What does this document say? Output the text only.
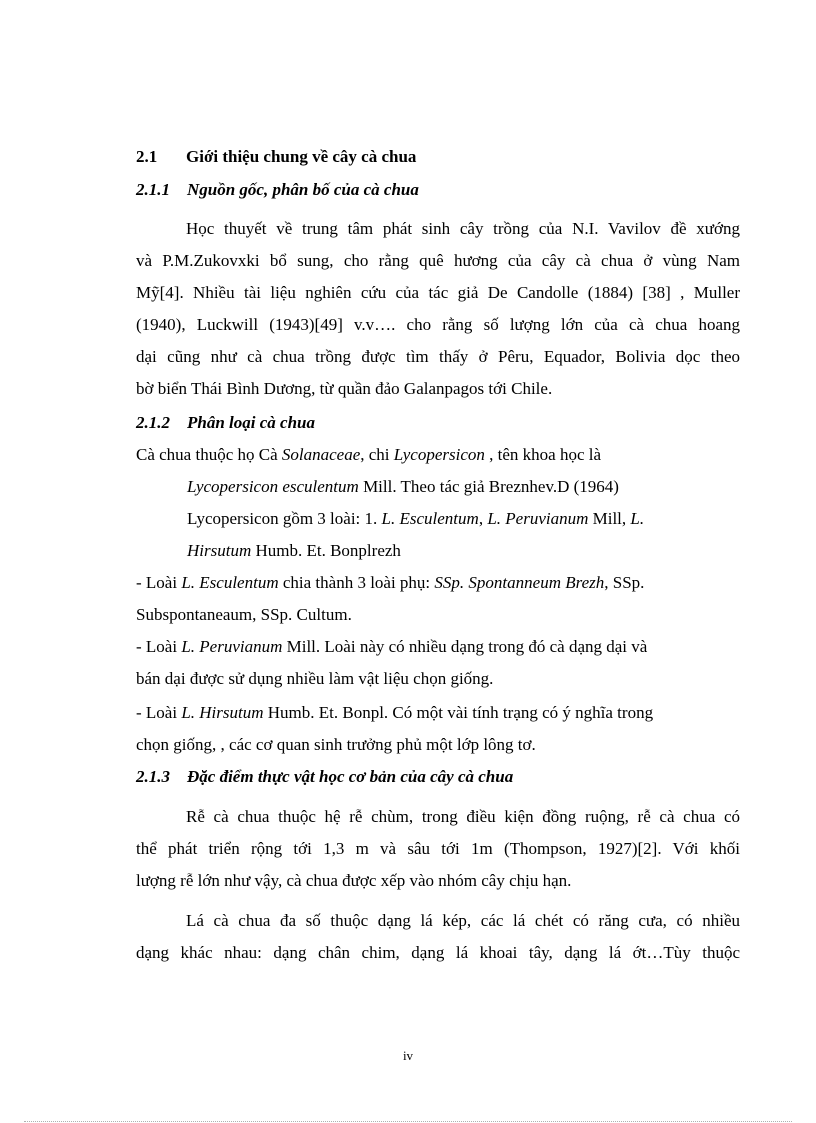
2.1 Giới thiệu chung về cây cà chua
2.1.1 Nguồn gốc, phân bố của cà chua
Học thuyết về trung tâm phát sinh cây trồng của N.I. Vavilov đề xướng
và P.M.Zukovxki bổ sung, cho rằng quê hương của cây cà chua ở vùng Nam
Mỹ[4]. Nhiều tài liệu nghiên cứu của tác giả De Candolle (1884) [38] , Muller
(1940), Luckwill (1943)[49] v.v…. cho rằng số lượng lớn của cà chua hoang
dại cũng như cà chua trồng được tìm thấy ở Pêru, Equador, Bolivia dọc theo
bờ biển Thái Bình Dương, từ quần đảo Galanpagos tới Chile.
2.1.2 Phân loại cà chua
Cà chua thuộc họ Cà Solanaceae, chi Lycopersicon , tên khoa học là
Lycopersicon esculentum Mill. Theo tác giả Breznhev.D (1964)
Lycopersicon gồm 3 loài: 1. L. Esculentum, L. Peruvianum Mill, L.
Hirsutum Humb. Et. Bonplrezh
- Loài L. Esculentum chia thành 3 loài phụ: SSp. Spontanneum Brezh, SSp.
Subspontaneaum, SSp. Cultum.
- Loài L. Peruvianum Mill. Loài này có nhiều dạng trong đó cà dạng dại và
bán dại được sử dụng nhiều làm vật liệu chọn giống.
- Loài L. Hirsutum Humb. Et. Bonpl. Có một vài tính trạng có ý nghĩa trong
chọn giống, , các cơ quan sinh trưởng phủ một lớp lông tơ.
2.1.3 Đặc điểm thực vật học cơ bản của cây cà chua
Rễ cà chua thuộc hệ rễ chùm, trong điều kiện đồng ruộng, rễ cà chua có
thể phát triển rộng tới 1,3 m và sâu tới 1m (Thompson, 1927)[2]. Với khối
lượng rễ lớn như vậy, cà chua được xếp vào nhóm cây chịu hạn.
Lá cà chua đa số thuộc dạng lá kép, các lá chét có răng cưa, có nhiều
dạng khác nhau: dạng chân chim, dạng lá khoai tây, dạng lá ớt…Tùy thuộc
iv
